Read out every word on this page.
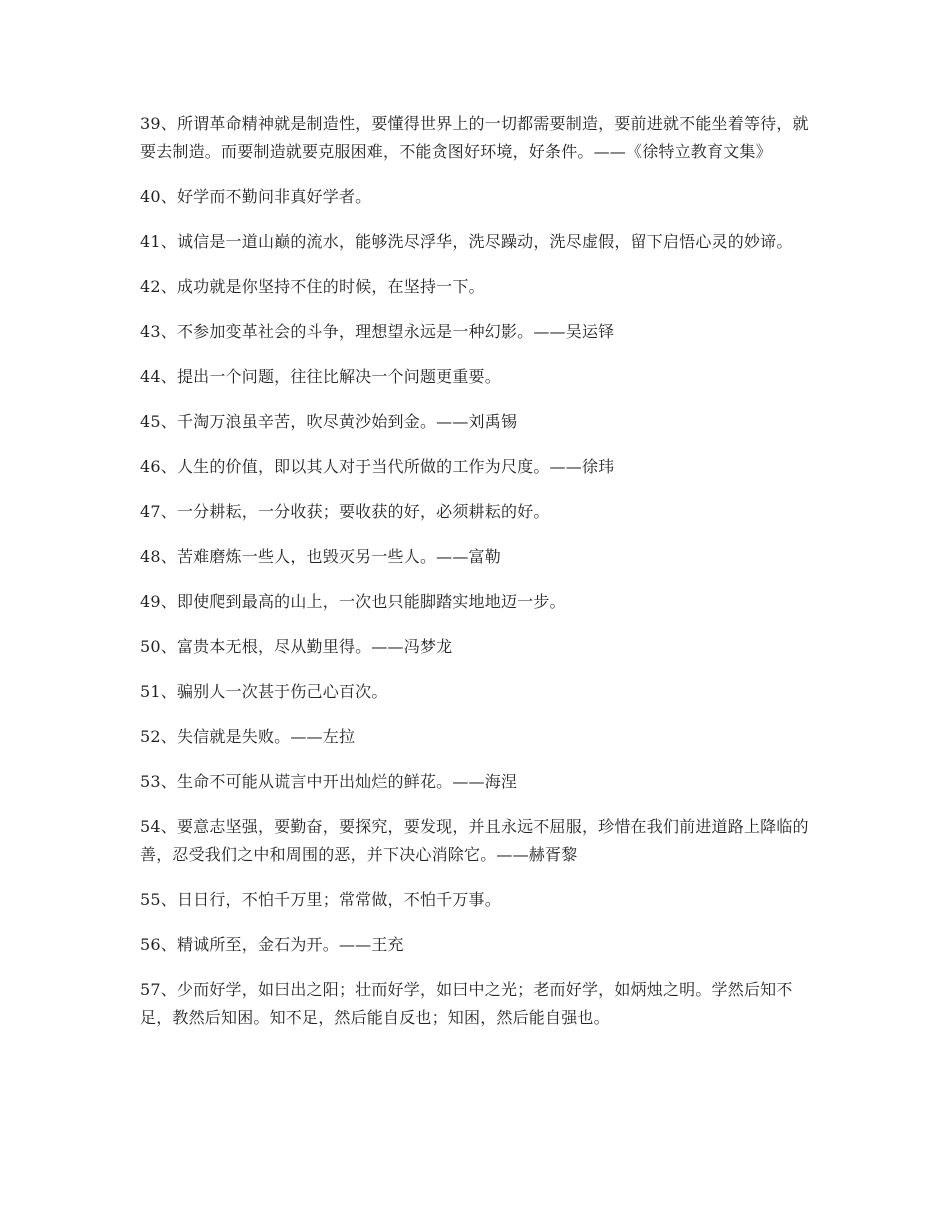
39、所谓革命精神就是制造性，要懂得世界上的一切都需要制造，要前进就不能坐着等待，就要去制造。而要制造就要克服困难，不能贪图好环境，好条件。——《徐特立教育文集》

40、好学而不勤问非真好学者。

41、诚信是一道山巅的流水，能够洗尽浮华，洗尽躁动，洗尽虚假，留下启悟心灵的妙谛。

42、成功就是你坚持不住的时候，在坚持一下。

43、不参加变革社会的斗争，理想望永远是一种幻影。——吴运铎

44、提出一个问题，往往比解决一个问题更重要。

45、千淘万浪虽辛苦，吹尽黄沙始到金。——刘禹锡

46、人生的价值，即以其人对于当代所做的工作为尺度。——徐玮

47、一分耕耘，一分收获；要收获的好，必须耕耘的好。

48、苦难磨炼一些人，也毁灭另一些人。——富勒

49、即使爬到最高的山上，一次也只能脚踏实地地迈一步。

50、富贵本无根，尽从勤里得。——冯梦龙

51、骗别人一次甚于伤己心百次。

52、失信就是失败。——左拉

53、生命不可能从谎言中开出灿烂的鲜花。——海涅

54、要意志坚强，要勤奋，要探究，要发现，并且永远不屈服，珍惜在我们前进道路上降临的善，忍受我们之中和周围的恶，并下决心消除它。——赫胥黎

55、日日行，不怕千万里；常常做，不怕千万事。

56、精诚所至，金石为开。——王充

57、少而好学，如曰出之阳；壮而好学，如曰中之光；老而好学，如炳烛之明。学然后知不足，教然后知困。知不足，然后能自反也；知困，然后能自强也。
